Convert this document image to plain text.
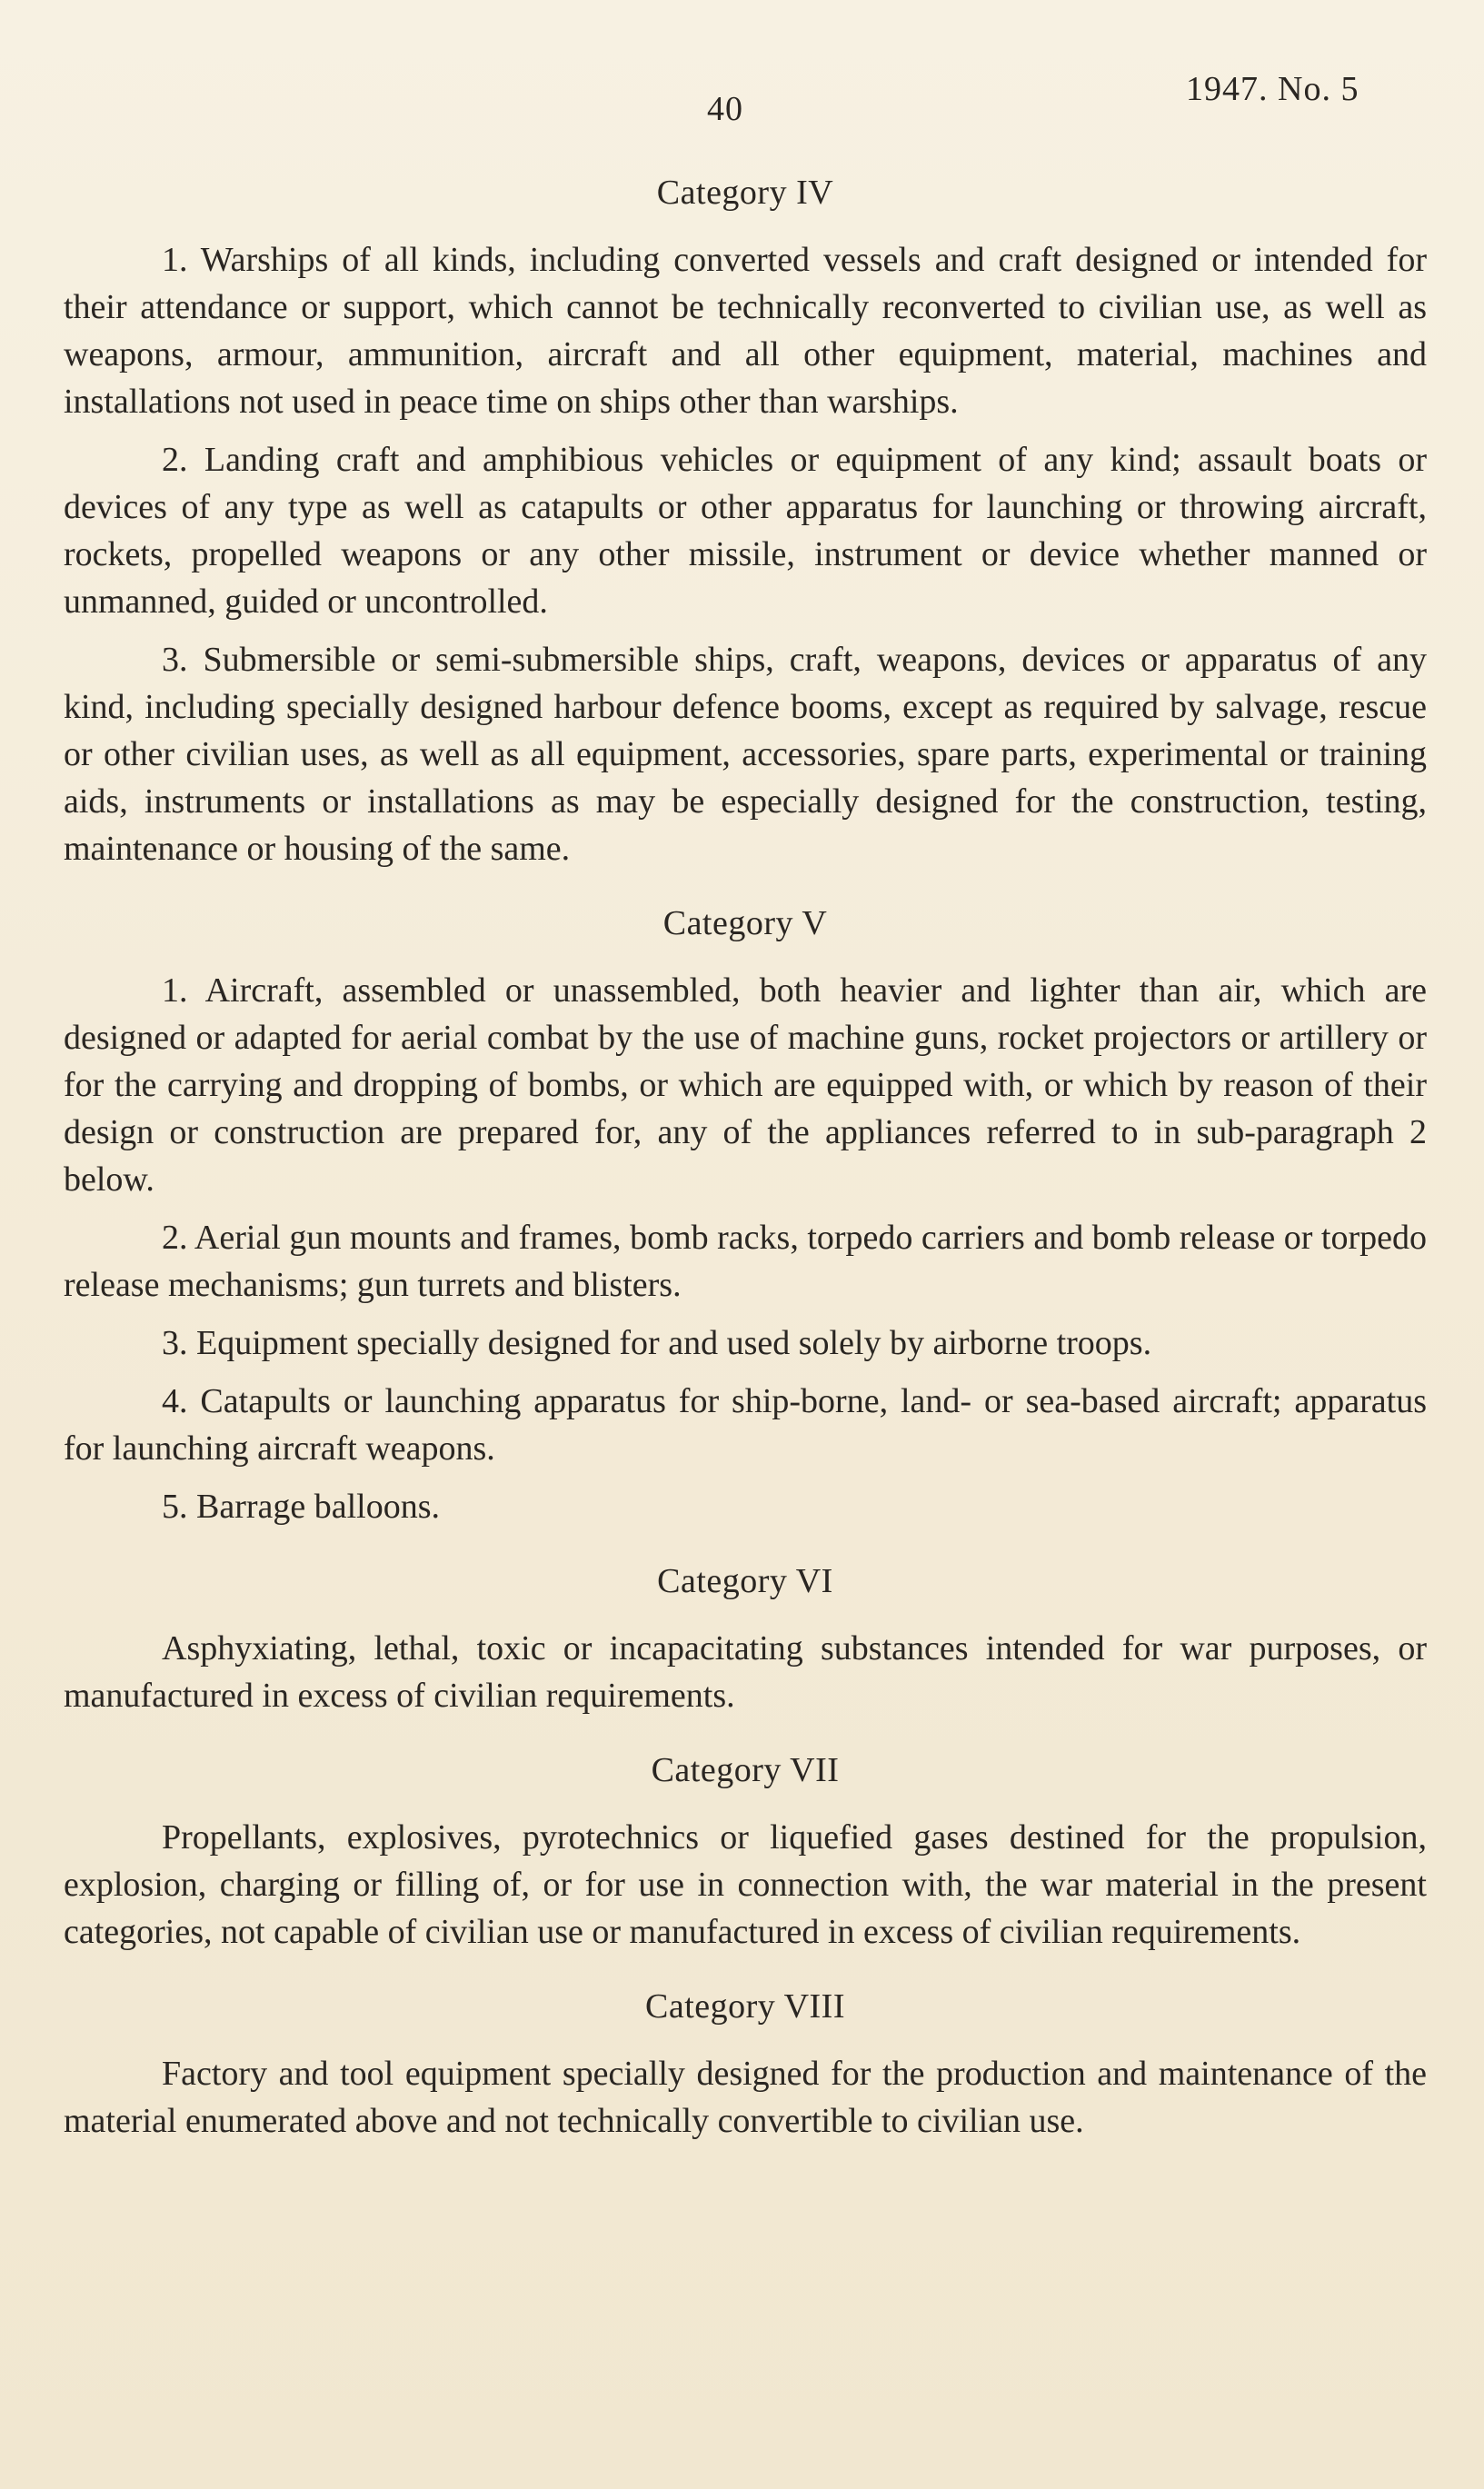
40
1947. No. 5
Category IV

1. Warships of all kinds, including converted vessels and craft designed or intended for their attendance or support, which cannot be technically reconverted to civilian use, as well as weapons, armour, ammunition, aircraft and all other equipment, material, machines and installations not used in peace time on ships other than warships.

2. Landing craft and amphibious vehicles or equipment of any kind; assault boats or devices of any type as well as catapults or other apparatus for launching or throwing aircraft, rockets, propelled weapons or any other missile, instrument or device whether manned or unmanned, guided or uncontrolled.

3. Submersible or semi-submersible ships, craft, weapons, devices or apparatus of any kind, including specially designed harbour defence booms, except as required by salvage, rescue or other civilian uses, as well as all equipment, accessories, spare parts, experimental or training aids, instruments or installations as may be especially designed for the construction, testing, maintenance or housing of the same.

Category V

1. Aircraft, assembled or unassembled, both heavier and lighter than air, which are designed or adapted for aerial combat by the use of machine guns, rocket projectors or artillery or for the carrying and dropping of bombs, or which are equipped with, or which by reason of their design or construction are prepared for, any of the appliances referred to in sub-paragraph 2 below.

2. Aerial gun mounts and frames, bomb racks, torpedo carriers and bomb release or torpedo release mechanisms; gun turrets and blisters.

3. Equipment specially designed for and used solely by airborne troops.

4. Catapults or launching apparatus for ship-borne, land- or sea-based aircraft; apparatus for launching aircraft weapons.

5. Barrage balloons.

Category VI

Asphyxiating, lethal, toxic or incapacitating substances intended for war purposes, or manufactured in excess of civilian requirements.

Category VII

Propellants, explosives, pyrotechnics or liquefied gases destined for the propulsion, explosion, charging or filling of, or for use in connection with, the war material in the present categories, not capable of civilian use or manufactured in excess of civilian requirements.

Category VIII

Factory and tool equipment specially designed for the production and maintenance of the material enumerated above and not technically convertible to civilian use.
